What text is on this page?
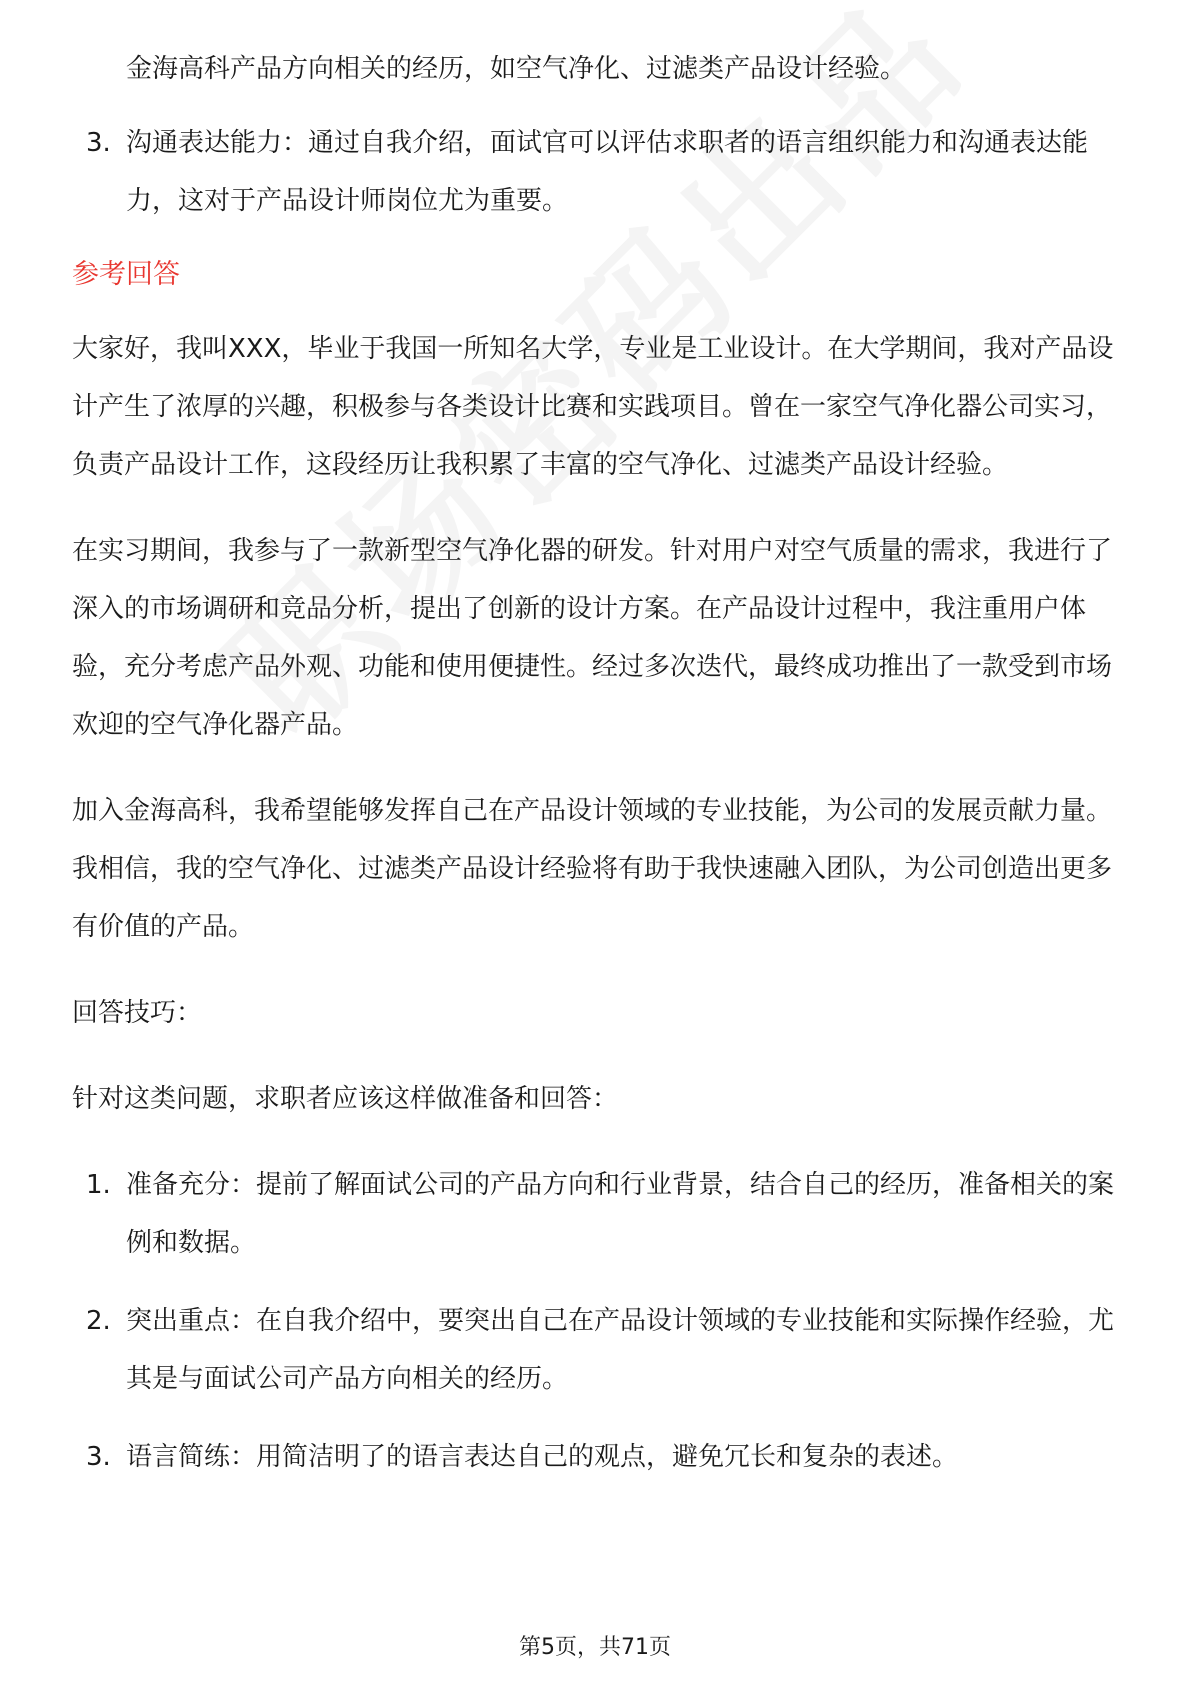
金海高科产品方向相关的经历，如空气净化、过滤类产品设计经验。

3. 沟通表达能力：通过自我介绍，面试官可以评估求职者的语言组织能力和沟通表达能力，这对于产品设计师岗位尤为重要。

参考回答

大家好，我叫XXX，毕业于我国一所知名大学，专业是工业设计。在大学期间，我对产品设计产生了浓厚的兴趣，积极参与各类设计比赛和实践项目。曾在一家空气净化器公司实习，负责产品设计工作，这段经历让我积累了丰富的空气净化、过滤类产品设计经验。

在实习期间，我参与了一款新型空气净化器的研发。针对用户对空气质量的需求，我进行了深入的市场调研和竞品分析，提出了创新的设计方案。在产品设计过程中，我注重用户体验，充分考虑产品外观、功能和使用便捷性。经过多次迭代，最终成功推出了一款受到市场欢迎的空气净化器产品。

加入金海高科，我希望能够发挥自己在产品设计领域的专业技能，为公司的发展贡献力量。我相信，我的空气净化、过滤类产品设计经验将有助于我快速融入团队，为公司创造出更多有价值的产品。

回答技巧：

针对这类问题，求职者应该这样做准备和回答：

1. 准备充分：提前了解面试公司的产品方向和行业背景，结合自己的经历，准备相关的案例和数据。
2. 突出重点：在自我介绍中，要突出自己在产品设计领域的专业技能和实际操作经验，尤其是与面试公司产品方向相关的经历。
3. 语言简练：用简洁明了的语言表达自己的观点，避免冗长和复杂的表述。
第5页，共71页
